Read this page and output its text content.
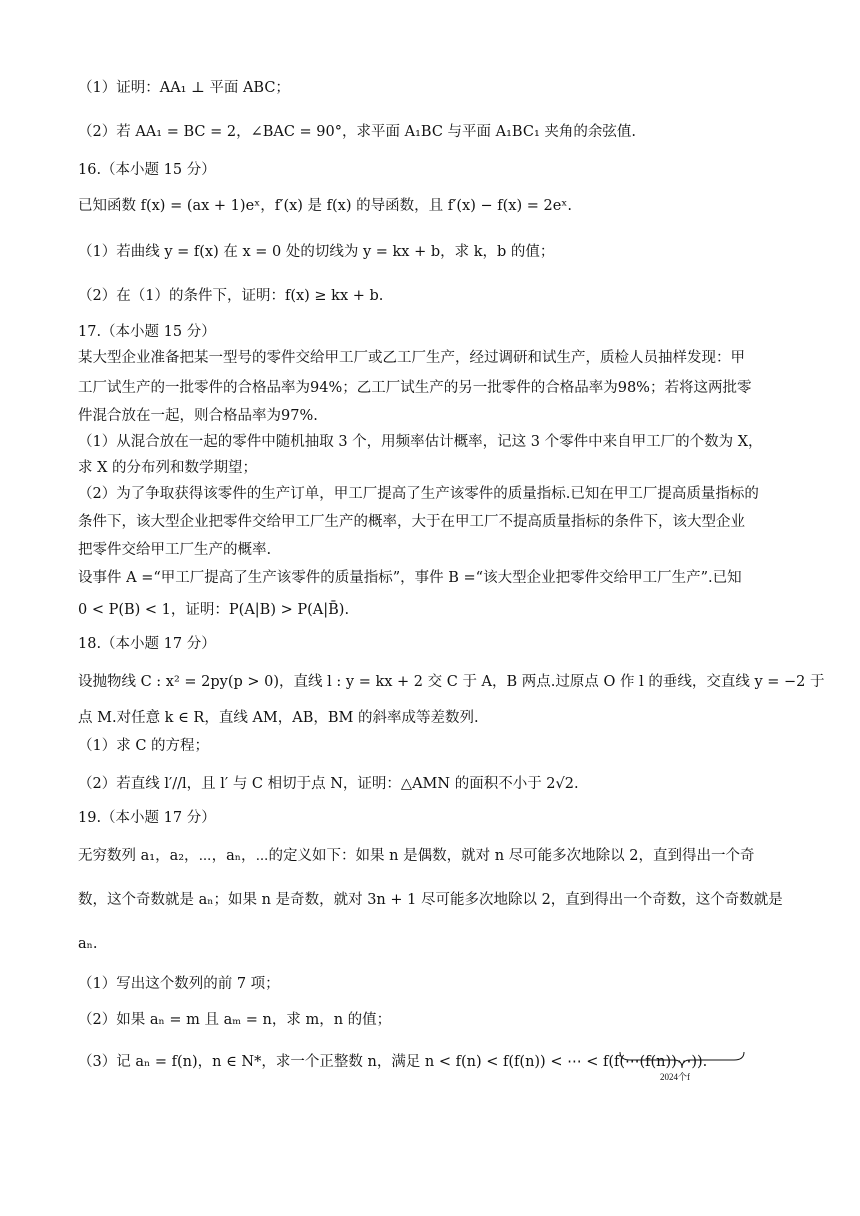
（1）证明：AA₁ ⊥ 平面 ABC；
（2）若 AA₁ = BC = 2，∠BAC = 90°，求平面 A₁BC 与平面 A₁BC₁ 夹角的余弦值.
16.（本小题 15 分）
已知函数 f(x) = (ax + 1)eˣ，f′(x) 是 f(x) 的导函数，且 f′(x) − f(x) = 2eˣ.
（1）若曲线 y = f(x) 在 x = 0 处的切线为 y = kx + b，求 k，b 的值；
（2）在（1）的条件下，证明：f(x) ≥ kx + b.
17.（本小题 15 分）
某大型企业准备把某一型号的零件交给甲工厂或乙工厂生产，经过调研和试生产，质检人员抽样发现：甲
工厂试生产的一批零件的合格品率为94%；乙工厂试生产的另一批零件的合格品率为98%；若将这两批零
件混合放在一起，则合格品率为97%.
（1）从混合放在一起的零件中随机抽取 3 个，用频率估计概率，记这 3 个零件中来自甲工厂的个数为 X，
求 X 的分布列和数学期望；
（2）为了争取获得该零件的生产订单，甲工厂提高了生产该零件的质量指标.已知在甲工厂提高质量指标的
条件下，该大型企业把零件交给甲工厂生产的概率，大于在甲工厂不提高质量指标的条件下，该大型企业
把零件交给甲工厂生产的概率.
设事件 A =“甲工厂提高了生产该零件的质量指标”，事件 B =“该大型企业把零件交给甲工厂生产”.已知
0 < P(B) < 1，证明：P(A|B) > P(A|B̄).
18.（本小题 17 分）
设抛物线 C : x² = 2py(p > 0)，直线 l : y = kx + 2 交 C 于 A，B 两点.过原点 O 作 l 的垂线，交直线 y = −2 于
点 M.对任意 k ∈ R，直线 AM，AB，BM 的斜率成等差数列.
（1）求 C 的方程；
（2）若直线 l′//l，且 l′ 与 C 相切于点 N，证明：△AMN 的面积不小于 2√2.
19.（本小题 17 分）
无穷数列 a₁，a₂，⋯，aₙ，⋯的定义如下：如果 n 是偶数，就对 n 尽可能多次地除以 2，直到得出一个奇
数，这个奇数就是 aₙ；如果 n 是奇数，就对 3n + 1 尽可能多次地除以 2，直到得出一个奇数，这个奇数就是
aₙ.
（1）写出这个数列的前 7 项；
（2）如果 aₙ = m 且 aₘ = n，求 m，n 的值；
（3）记 aₙ = f(n)，n ∈ N*，求一个正整数 n，满足 n < f(n) < f(f(n)) < ⋯ < f(f(⋯(f(n))⋯)).
2024个f
